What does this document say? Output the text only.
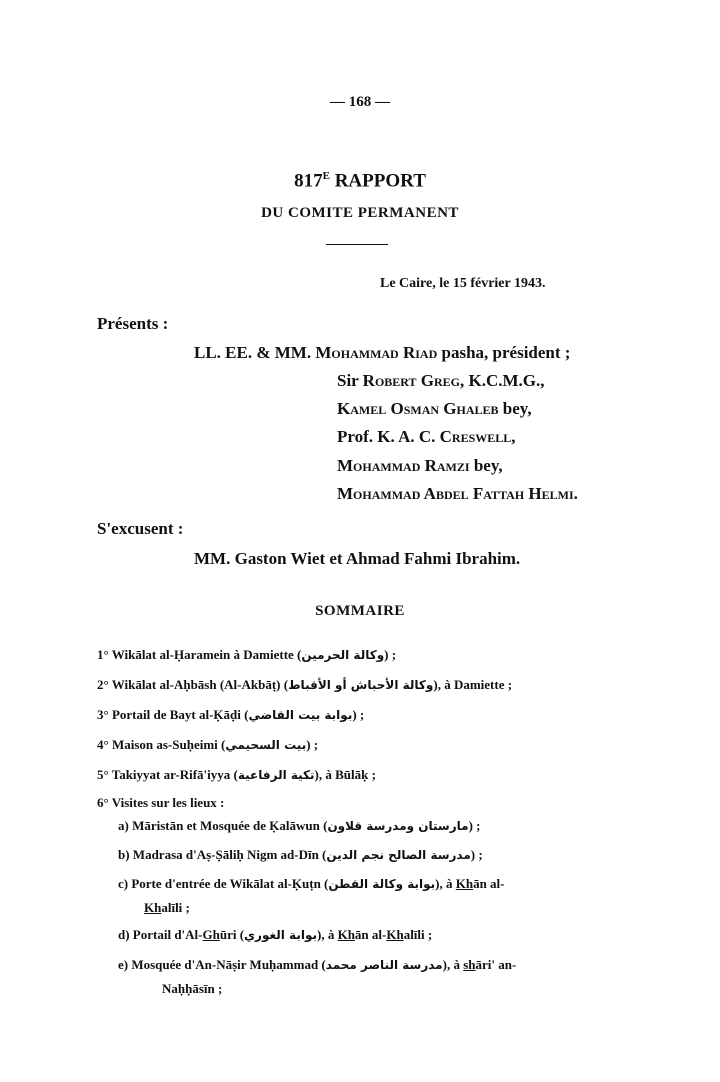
— 168 —
$817^E$ RAPPORT
DU COMITE PERMANENT
Le Caire, le 15 février 1943.
Présents :
LL. EE. & MM. Mohammad Riad pasha, président ;
Sir Robert Greg, K.C.M.G.,
Kamel Osman Ghaleb bey,
Prof. K. A. C. Creswell,
Mohammad Ramzi bey,
Mohammad Abdel Fattah Helmi.
S'excusent :
MM. Gaston Wiet et Ahmad Fahmi Ibrahim.
SOMMAIRE
1° Wikālat al-Ḥaramein à Damiette (وكالة الحرمين) ;
2° Wikālat al-Aḥbāsh (Al-Akbāṭ) (وكالة الأحباش أو الأقباط), à Damiette ;
3° Portail de Bayt al-Ḳāḍi (بوابة بيت القاضي) ;
4° Maison as-Suḥeimi (بيت السحيمي) ;
5° Takiyyat ar-Rifā'iyya (تكية الرفاعية), à Būlāḳ ;
6° Visites sur les lieux :
a) Māristān et Mosquée de Ḳalāwun (مارستان ومدرسة قلاون) ;
b) Madrasa d'Aṣ-Ṣāliḥ Nigm ad-Dīn (مدرسة الصالح نجم الدين) ;
c) Porte d'entrée de Wikālat al-Ḳuṭn (بوابة وكالة القطن), à Khān al-
Khalīli ;
d) Portail d'Al-Ghūri (بوابة الغوري), à Khān al-Khalīli ;
e) Mosquée d'An-Nāṣir Muḥammad (مدرسة الناصر محمد), à shāri' an-
Naḥḥāsīn ;
